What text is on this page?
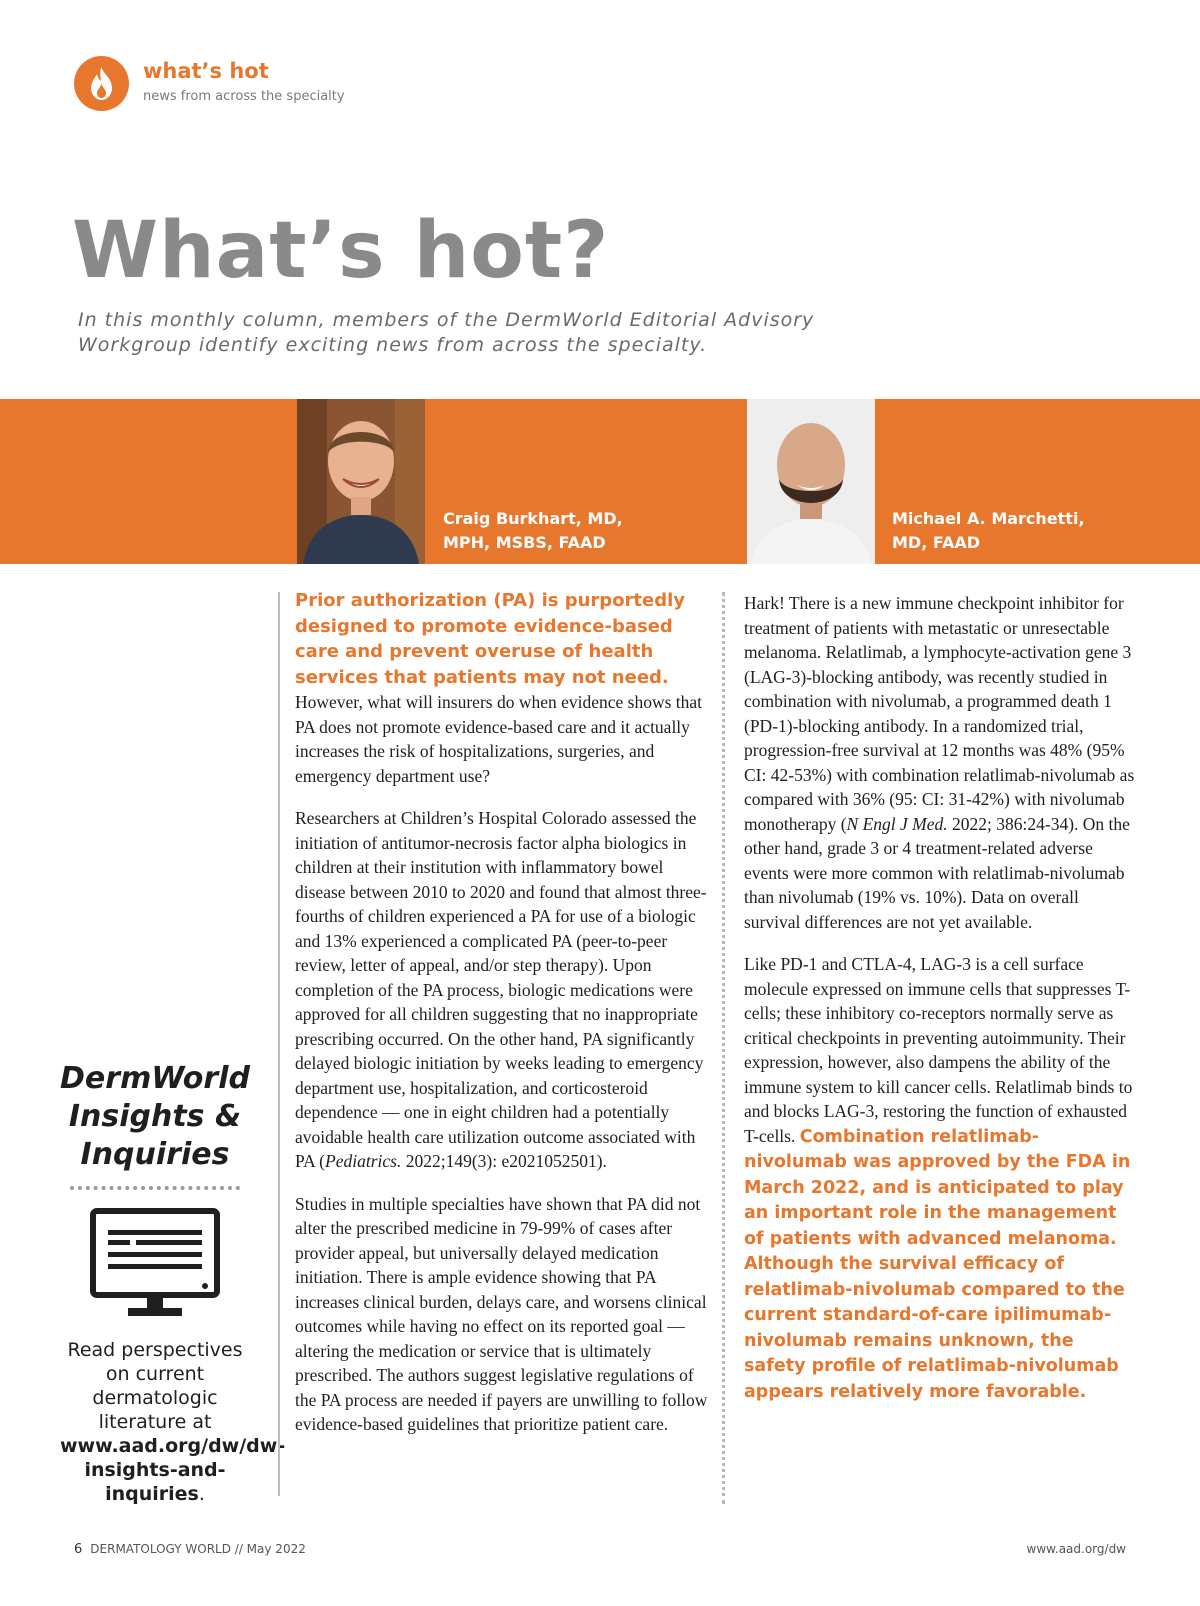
what’s hot
news from across the specialty
What’s hot?

In this monthly column, members of the DermWorld Editorial Advisory Workgroup identify exciting news from across the specialty.

Craig Burkhart, MD,
MPH, MSBS, FAAD
Michael A. Marchetti,
MD, FAAD
DermWorld
Insights &
Inquiries

Read perspectives on current dermatologic literature at www.aad.org/dw/dw-insights-and-inquiries.

Prior authorization (PA) is purportedly designed to promote evidence-based care and prevent overuse of health services that patients may not need. However, what will insurers do when evidence shows that PA does not promote evidence-based care and it actually increases the risk of hospitalizations, surgeries, and emergency department use?

Researchers at Children’s Hospital Colorado assessed the initiation of antitumor-necrosis factor alpha biologics in children at their institution with inflammatory bowel disease between 2010 to 2020 and found that almost three-fourths of children experienced a PA for use of a biologic and 13% experienced a complicated PA (peer-to-peer review, letter of appeal, and/or step therapy). Upon completion of the PA process, biologic medications were approved for all children suggesting that no inappropriate prescribing occurred. On the other hand, PA significantly delayed biologic initiation by weeks leading to emergency department use, hospitalization, and corticosteroid dependence — one in eight children had a potentially avoidable health care utilization outcome associated with PA (Pediatrics. 2022;149(3): e2021052501).

Studies in multiple specialties have shown that PA did not alter the prescribed medicine in 79-99% of cases after provider appeal, but universally delayed medication initiation. There is ample evidence showing that PA increases clinical burden, delays care, and worsens clinical outcomes while having no effect on its reported goal — altering the medication or service that is ultimately prescribed. The authors suggest legislative regulations of the PA process are needed if payers are unwilling to follow evidence-based guidelines that prioritize patient care.

Hark! There is a new immune checkpoint inhibitor for treatment of patients with metastatic or unresectable melanoma. Relatlimab, a lymphocyte-activation gene 3 (LAG-3)-blocking antibody, was recently studied in combination with nivolumab, a programmed death 1 (PD-1)-blocking antibody. In a randomized trial, progression-free survival at 12 months was 48% (95% CI: 42-53%) with combination relatlimab-nivolumab as compared with 36% (95: CI: 31-42%) with nivolumab monotherapy (N Engl J Med. 2022; 386:24-34). On the other hand, grade 3 or 4 treatment-related adverse events were more common with relatlimab-nivolumab than nivolumab (19% vs. 10%). Data on overall survival differences are not yet available.

Like PD-1 and CTLA-4, LAG-3 is a cell surface molecule expressed on immune cells that suppresses T-cells; these inhibitory co-receptors normally serve as critical checkpoints in preventing autoimmunity. Their expression, however, also dampens the ability of the immune system to kill cancer cells. Relatlimab binds to and blocks LAG-3, restoring the function of exhausted T-cells. Combination relatlimab-nivolumab was approved by the FDA in March 2022, and is anticipated to play an important role in the management of patients with advanced melanoma. Although the survival efficacy of relatlimab-nivolumab compared to the current standard-of-care ipilimumab-nivolumab remains unknown, the safety profile of relatlimab-nivolumab appears relatively more favorable.

6 DERMATOLOGY WORLD // May 2022	www.aad.org/dw
